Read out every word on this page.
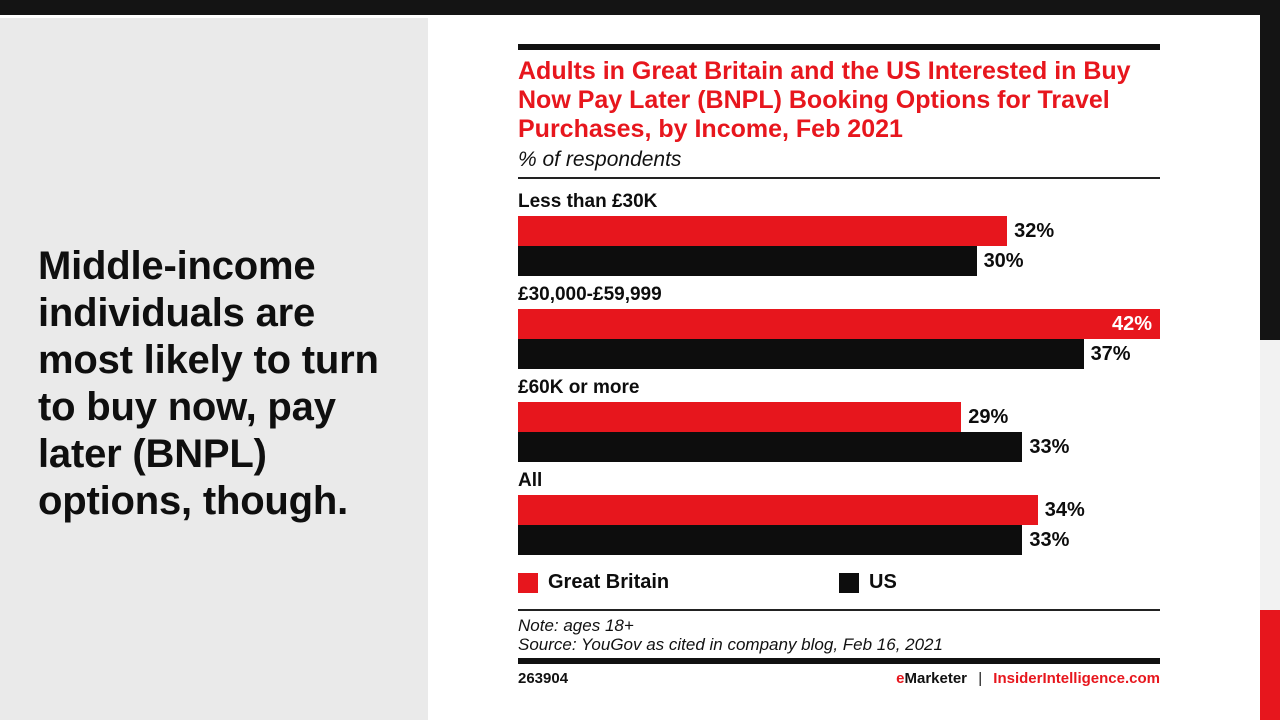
Middle-income individuals are most likely to turn to buy now, pay later (BNPL) options, though.
Adults in Great Britain and the US Interested in Buy
Now Pay Later (BNPL) Booking Options for Travel
Purchases, by Income, Feb 2021
% of respondents
Less than £30K
32%
30%
£30,000-£59,999
42%
37%
£60K or more
29%
33%
All
34%
33%
Great Britain	US
Note: ages 18+
Source: YouGov as cited in company blog, Feb 16, 2021
263904	eMarketer | InsiderIntelligence.com
